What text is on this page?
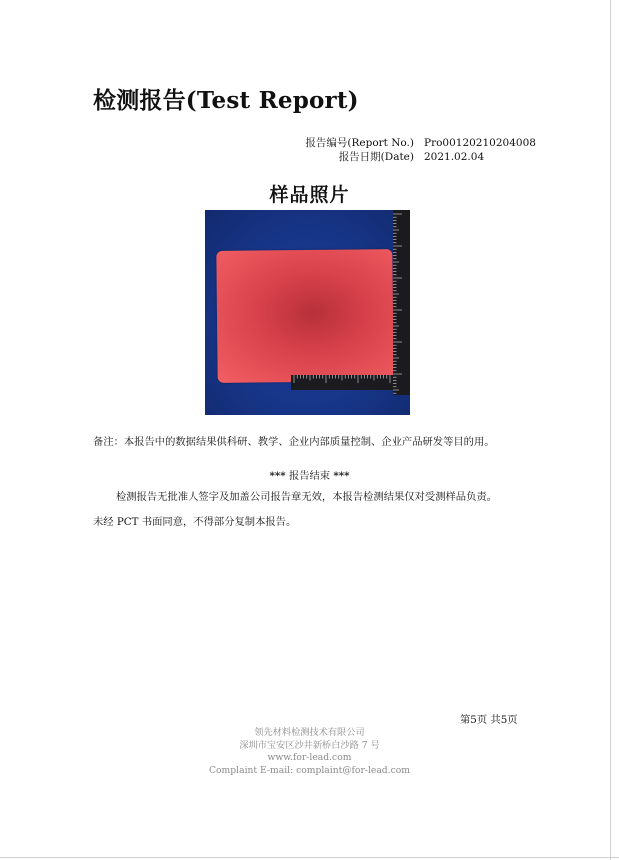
检测报告(Test Report)
报告编号(Report No.) Pro00120210204008
报告日期(Date) 2021.02.04
样品照片
备注：本报告中的数据结果供科研、教学、企业内部质量控制、企业产品研发等目的用。
*** 报告结束 ***
检测报告无批准人签字及加盖公司报告章无效，本报告检测结果仅对受测样品负责。
未经 PCT 书面同意，不得部分复制本报告。
第5页 共5页
领先材料检测技术有限公司
深圳市宝安区沙井新桥白沙路 7 号
www.for-lead.com
Complaint E-mail: complaint@for-lead.com
